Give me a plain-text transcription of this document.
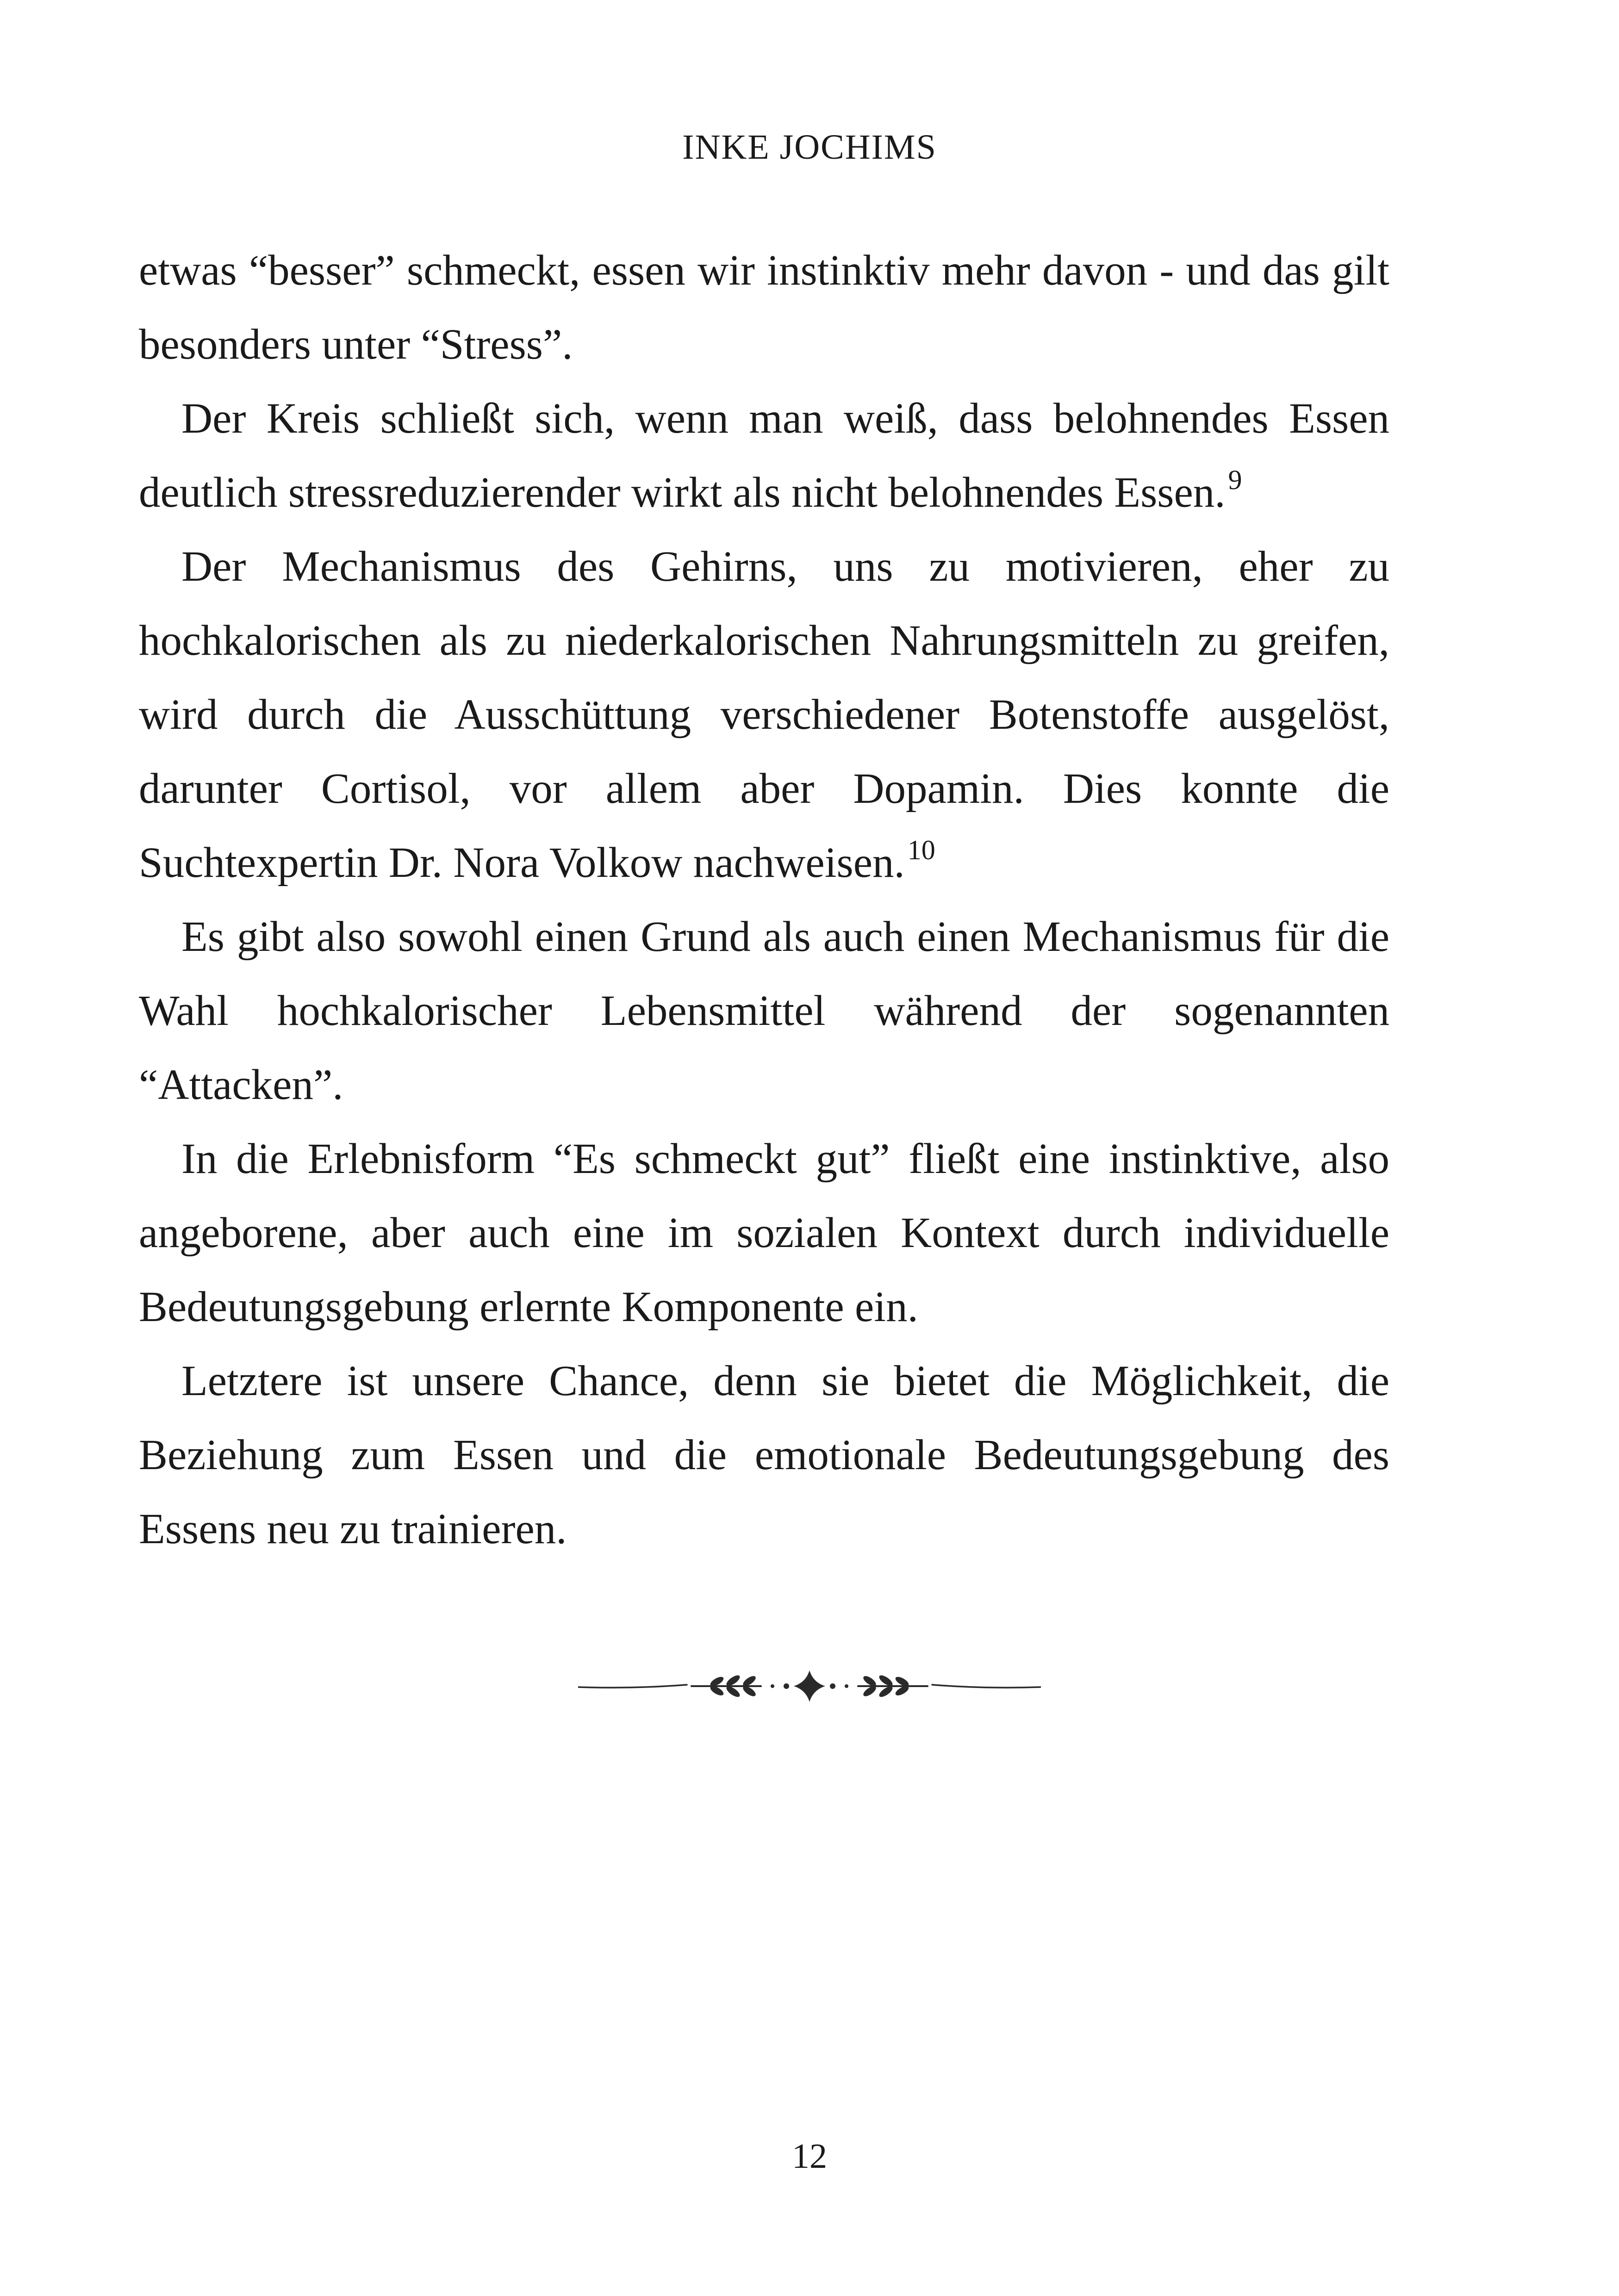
INKE JOCHIMS

etwas “besser” schmeckt, essen wir instinktiv mehr davon - und das gilt besonders unter “Stress”.

Der Kreis schließt sich, wenn man weiß, dass belohnendes Essen deutlich stressreduzierender wirkt als nicht belohnendes Essen. $^9$

Der Mechanismus des Gehirns, uns zu motivieren, eher zu hochkalorischen als zu niederkalorischen Nahrungsmitteln zu greifen, wird durch die Ausschüttung verschiedener Botenstoffe ausgelöst, darunter Cortisol, vor allem aber Dopamin. Dies konnte die Suchtexpertin Dr. Nora Volkow nachweisen. $^{10}$

Es gibt also sowohl einen Grund als auch einen Mechanismus für die Wahl hochkalorischer Lebensmittel während der sogenannten “Attacken”.

In die Erlebnisform “Es schmeckt gut” fließt eine instinktive, also angeborene, aber auch eine im sozialen Kontext durch individuelle Bedeutungsgebung erlernte Komponente ein.

Letztere ist unsere Chance, denn sie bietet die Möglichkeit, die Beziehung zum Essen und die emotionale Bedeutungsgebung des Essens neu zu trainieren.

12
